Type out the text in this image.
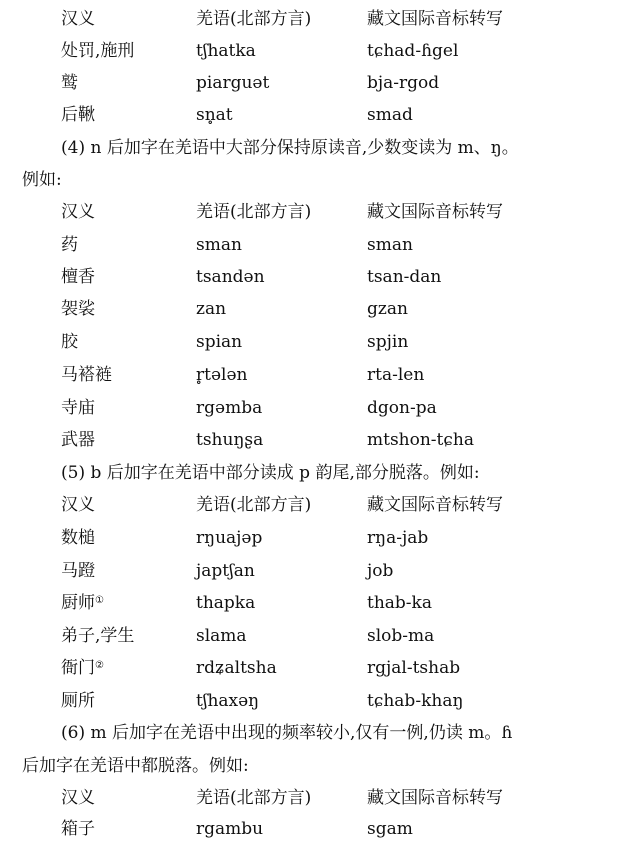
汉义	羌语(北部方言)	藏文国际音标转写
处罚,施刑	tʃhatka	tɕhad-ɦgel
鹫	piarguət	bja-rgod
后鞦	sn̥at	smad
(4) n 后加字在羌语中大部分保持原读音,少数变读为 m、ŋ。
例如:
汉义	羌语(北部方言)	藏文国际音标转写
药	sman	sman
檀香	tsandən	tsan-dan
袈裟	zan	gzan
胶	spian	spjin
马褡裢	r̥tələn	rta-len
寺庙	rgəmba	dgon-pa
武器	tshuŋʂa	mtshon-tɕha
(5) b 后加字在羌语中部分读成 p 韵尾,部分脱落。例如:
汉义	羌语(北部方言)	藏文国际音标转写
数槌	rŋuajəp	rŋa-jab
马蹬	japtʃan	job
厨师①	thapka	thab-ka
弟子,学生	slama	slob-ma
衙门②	rdʑaltsha	rgjal-tshab
厕所	tʃhaxəŋ	tɕhab-khaŋ
(6) m 后加字在羌语中出现的频率较小,仅有一例,仍读 m。ɦ
后加字在羌语中都脱落。例如:
汉义	羌语(北部方言)	藏文国际音标转写
箱子	rgambu	sgam
